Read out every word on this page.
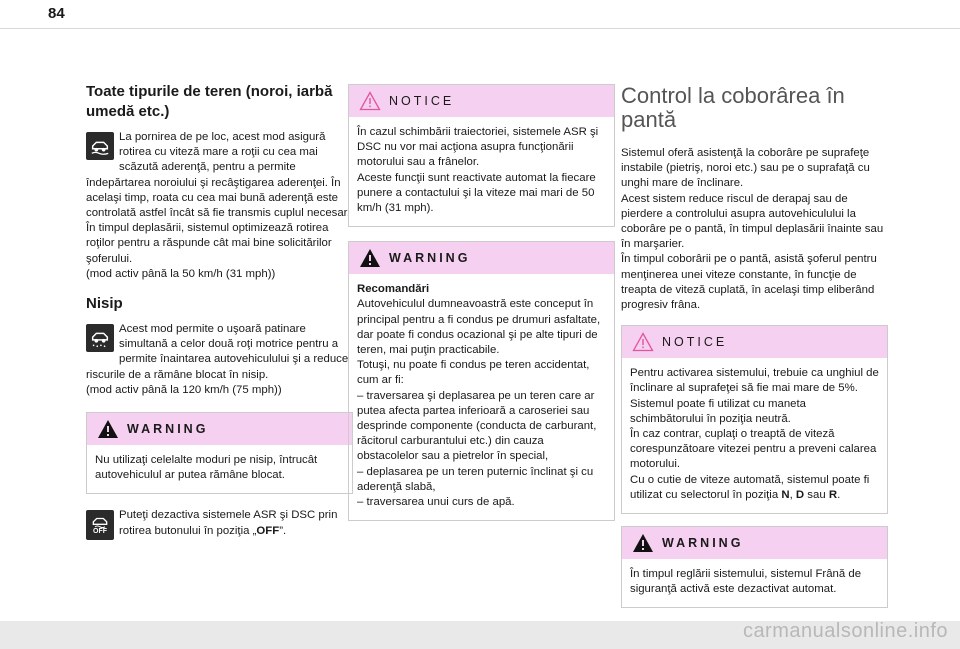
84
Toate tipurile de teren (noroi, iarbă
umedă etc.)

La pornirea de pe loc, acest mod asigură rotirea cu viteză mare a roţii cu cea mai scăzută aderenţă, pentru a permite îndepărtarea noroiului şi recâştigarea aderenţei. În acelaşi timp, roata cu cea mai bună aderenţă este controlată astfel încât să fie transmis cuplul necesar.

În timpul deplasării, sistemul optimizează rotirea roţilor pentru a răspunde cât mai bine solicitărilor şoferului.

(mod activ până la 50 km/h (31 mph))

Nisip

Acest mod permite o uşoară patinare simultană a celor două roţi motrice pentru a permite înaintarea autovehiculului şi a reduce riscurile de a rămâne blocat în nisip.

(mod activ până la 120 km/h (75 mph))

WARNING

Nu utilizaţi celelalte moduri pe nisip, întrucât autovehiculul ar putea rămâne blocat.

OFF

Puteţi dezactiva sistemele ASR şi DSC prin rotirea butonului în poziţia „OFF”.

NOTICE

În cazul schimbării traiectoriei, sistemele ASR şi DSC nu vor mai acţiona asupra funcţionării motorului sau a frânelor.

Aceste funcţii sunt reactivate automat la fiecare punere a contactului şi la viteze mai mari de 50 km/h (31 mph).

WARNING

Recomandări

Autovehiculul dumneavoastră este conceput în principal pentru a fi condus pe drumuri asfaltate, dar poate fi condus ocazional şi pe alte tipuri de teren, mai puţin practicabile.

Totuşi, nu poate fi condus pe teren accidentat, cum ar fi:

– traversarea şi deplasarea pe un teren care ar putea afecta partea inferioară a caroseriei sau desprinde componente (conducta de carburant, răcitorul carburantului etc.) din cauza obstacolelor sau a pietrelor în special,

– deplasarea pe un teren puternic înclinat şi cu aderenţă slabă,

– traversarea unui curs de apă.

Control la coborârea în
pantă

Sistemul oferă asistenţă la coborâre pe suprafeţe instabile (pietriş, noroi etc.) sau pe o suprafaţă cu unghi mare de înclinare.

Acest sistem reduce riscul de derapaj sau de pierdere a controlului asupra autovehiculului la coborâre pe o pantă, în timpul deplasării înainte sau în marşarier.

În timpul coborârii pe o pantă, asistă şoferul pentru menţinerea unei viteze constante, în funcţie de treapta de viteză cuplată, în acelaşi timp eliberând progresiv frâna.

NOTICE

Pentru activarea sistemului, trebuie ca unghiul de înclinare al suprafeţei să fie mai mare de 5%.

Sistemul poate fi utilizat cu maneta schimbătorului în poziţia neutră.

În caz contrar, cuplaţi o treaptă de viteză corespunzătoare vitezei pentru a preveni calarea motorului.

Cu o cutie de viteze automată, sistemul poate fi utilizat cu selectorul în poziţia N, D sau R.

WARNING

În timpul reglării sistemului, sistemul Frână de siguranţă activă este dezactivat automat.

carmanualsonline.info
